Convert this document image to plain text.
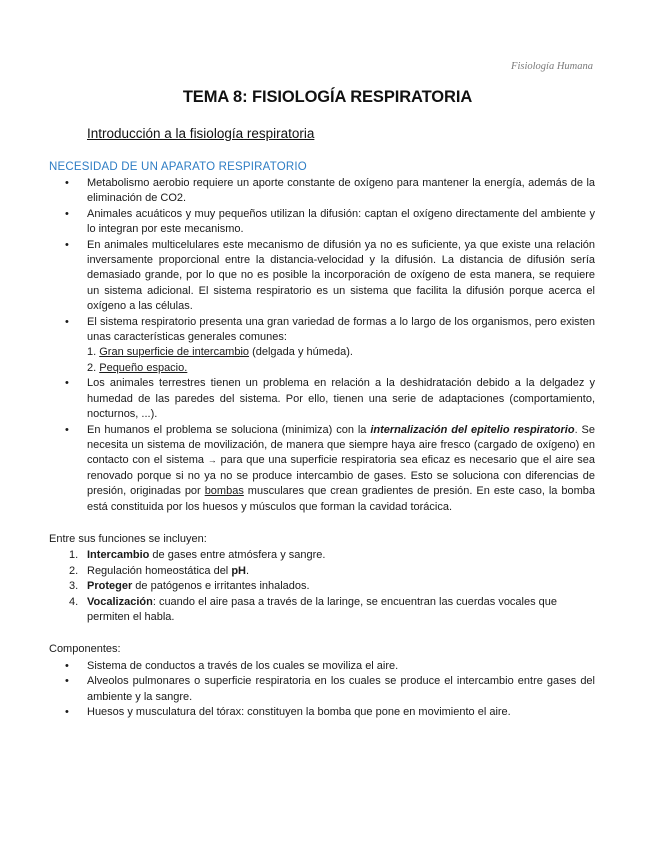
Fisiología Humana
TEMA 8: FISIOLOGÍA RESPIRATORIA
Introducción a la fisiología respiratoria
NECESIDAD DE UN APARATO RESPIRATORIO
• Metabolismo aerobio requiere un aporte constante de oxígeno para mantener la energía, además de la eliminación de CO2.
• Animales acuáticos y muy pequeños utilizan la difusión: captan el oxígeno directamente del ambiente y lo integran por este mecanismo.
• En animales multicelulares este mecanismo de difusión ya no es suficiente, ya que existe una relación inversamente proporcional entre la distancia-velocidad y la difusión. La distancia de difusión sería demasiado grande, por lo que no es posible la incorporación de oxígeno de esta manera, se requiere un sistema adicional. El sistema respiratorio es un sistema que facilita la difusión porque acerca el oxígeno a las células.
• El sistema respiratorio presenta una gran variedad de formas a lo largo de los organismos, pero existen unas características generales comunes:
1. Gran superficie de intercambio (delgada y húmeda).
2. Pequeño espacio.
• Los animales terrestres tienen un problema en relación a la deshidratación debido a la delgadez y humedad de las paredes del sistema. Por ello, tienen una serie de adaptaciones (comportamiento, nocturnos, ...).
• En humanos el problema se soluciona (minimiza) con la internalización del epitelio respiratorio. Se necesita un sistema de movilización, de manera que siempre haya aire fresco (cargado de oxígeno) en contacto con el sistema → para que una superficie respiratoria sea eficaz es necesario que el aire sea renovado porque si no ya no se produce intercambio de gases. Esto se soluciona con diferencias de presión, originadas por bombas musculares que crean gradientes de presión. En este caso, la bomba está constituida por los huesos y músculos que forman la cavidad torácica.
Entre sus funciones se incluyen:
1. Intercambio de gases entre atmósfera y sangre.
2. Regulación homeostática del pH.
3. Proteger de patógenos e irritantes inhalados.
4. Vocalización: cuando el aire pasa a través de la laringe, se encuentran las cuerdas vocales que permiten el habla.
Componentes:
• Sistema de conductos a través de los cuales se moviliza el aire.
• Alveolos pulmonares o superficie respiratoria en los cuales se produce el intercambio entre gases del ambiente y la sangre.
• Huesos y musculatura del tórax: constituyen la bomba que pone en movimiento el aire.
